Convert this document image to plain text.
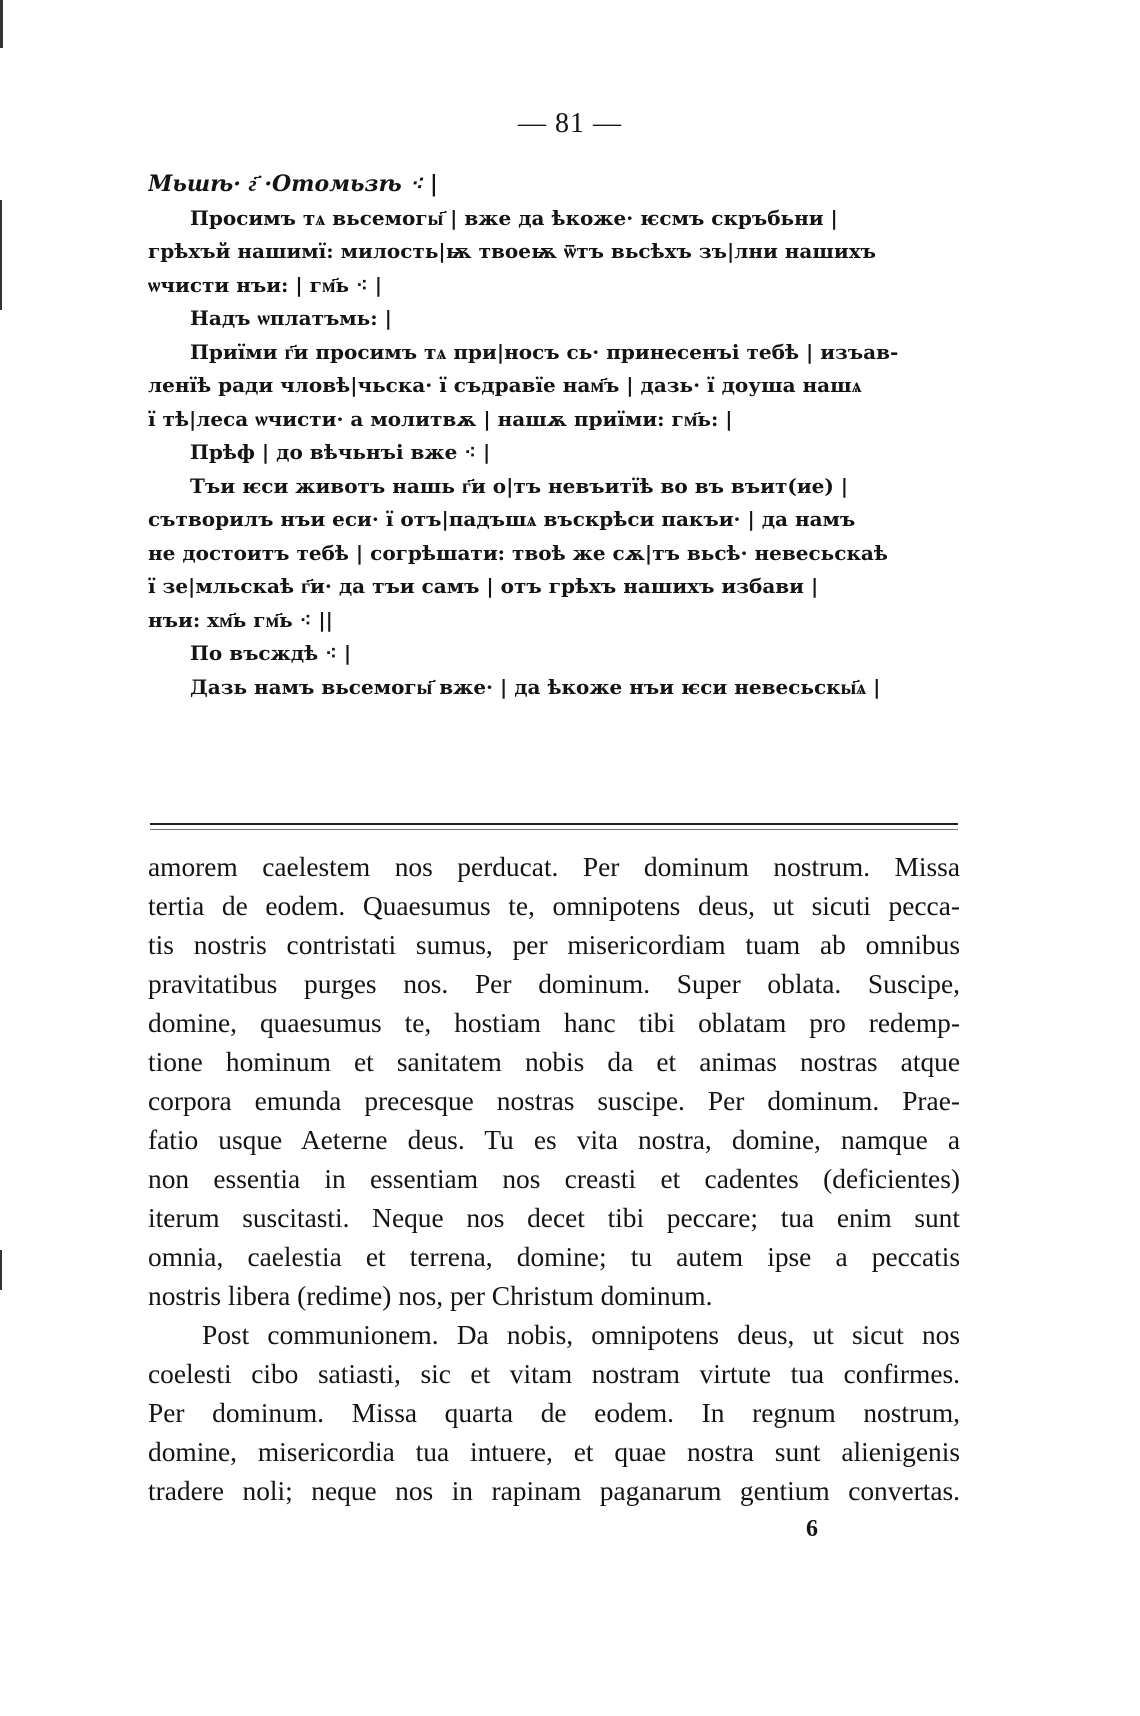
— 81 —
Мьшѣ· г҃ ·Отомьзѣ ⁖ |
Просимъ тѧ вьсемогы҃ | вже да ѣкоже· ѥсмъ скръбьни |
грѣхъй нашимї: милость|ѭ твоеѭ ѿтъ вьсѣхъ зъ|лни нашихъ
ѡчисти нъи: | гм҃ь ⁖ |
Надъ ѡплатъмь: |
Приїми г҃и просимъ тѧ при|носъ сь· принесенъі тебѣ | изъав-
ленїѣ ради чловѣ|чьска· ї съдравїе нам҃ъ | дазь· ї доуша нашѧ
ї тѣ|леса ѡчисти· а молитвѫ | нашѫ приїми: гм҃ь: |
Прѣф | до вѣчьнъі вже ⁖ |
Тъи ѥси животъ нашь г҃и о|тъ невъитїѣ во въ въит(ие) |
сътворилъ нъи еси· ї отъ|падъшѧ въскрѣси пакъи· | да намъ
не достоитъ тебѣ | согрѣшати: твоѣ же сѫ|тъ вьсѣ· невесьскаѣ
ї зе|мльскаѣ г҃и· да тъи самъ | отъ грѣхъ нашихъ избави |
нъи: хм҃ь гм҃ь ⁖ ||
По въсждѣ ⁖ |
Дазь намъ вьсемогы҃ вже· | да ѣкоже нъи ѥси невесьскы҃ѧ |
amorem caelestem nos perducat. Per dominum nostrum. Missa
tertia de eodem. Quaesumus te, omnipotens deus, ut sicuti pecca-
tis nostris contristati sumus, per misericordiam tuam ab omnibus
pravitatibus purges nos. Per dominum. Super oblata. Suscipe,
domine, quaesumus te, hostiam hanc tibi oblatam pro redemp-
tione hominum et sanitatem nobis da et animas nostras atque
corpora emunda precesque nostras suscipe. Per dominum. Prae-
fatio usque Aeterne deus. Tu es vita nostra, domine, namque a
non essentia in essentiam nos creasti et cadentes (deficientes)
iterum suscitasti. Neque nos decet tibi peccare; tua enim sunt
omnia, caelestia et terrena, domine; tu autem ipse a peccatis
nostris libera (redime) nos, per Christum dominum.
Post communionem. Da nobis, omnipotens deus, ut sicut nos
coelesti cibo satiasti, sic et vitam nostram virtute tua confirmes.
Per dominum. Missa quarta de eodem. In regnum nostrum,
domine, misericordia tua intuere, et quae nostra sunt alienigenis
tradere noli; neque nos in rapinam paganarum gentium convertas.
6
